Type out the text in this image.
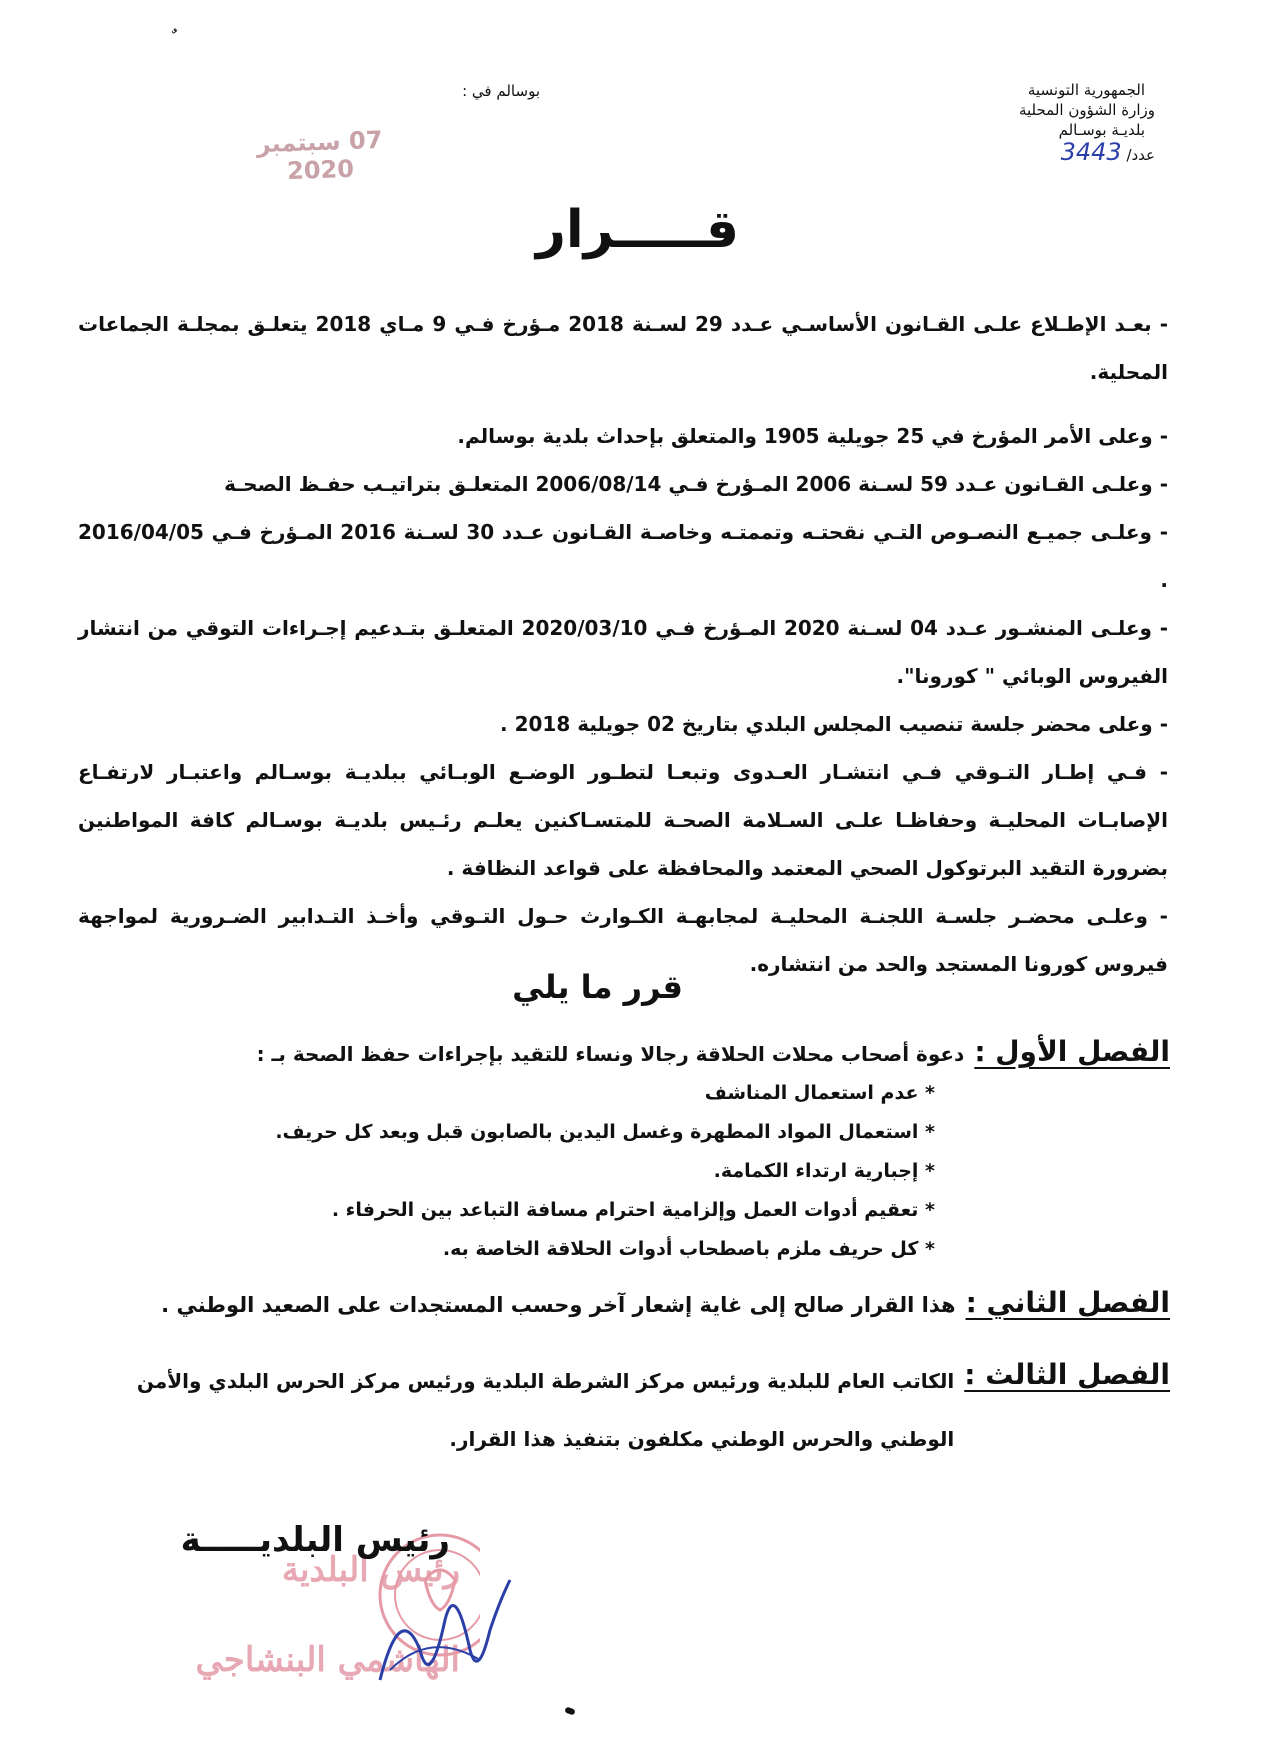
الجمهورية التونسية
وزارة الشؤون المحلية
بلديـة بوسـالم
عدد/ 3443
بوسالم في :
07 سبتمبر 2020
قـــــرار
- بعـد الإطـلاع علـى القـانون الأساسـي عـدد 29 لسـنة 2018 مـؤرخ فـي 9 مـاي 2018 يتعلـق بمجلـة الجماعات المحلية.
- وعلى الأمر المؤرخ في 25 جويلية 1905 والمتعلق بإحداث بلدية بوسالم.
- وعلـى القـانون عـدد 59 لسـنة 2006 المـؤرخ فـي 2006/08/14 المتعلـق بتراتيـب حفـظ الصحـة
- وعلـى جميـع النصـوص التـي نقحتـه وتممتـه وخاصـة القـانون عـدد 30 لسـنة 2016 المـؤرخ فـي 2016/04/05 .
- وعلـى المنشـور عـدد 04 لسـنة 2020 المـؤرخ فـي 2020/03/10 المتعلـق بتـدعيم إجـراءات التوقي من انتشار الفيروس الوبائي " كورونا".
- وعلى محضر جلسة تنصيب المجلس البلدي بتاريخ 02 جويلية 2018 .
- فـي إطـار التـوقي فـي انتشـار العـدوى وتبعـا لتطـور الوضـع الوبـائي ببلديـة بوسـالم واعتبـار لارتفـاع الإصابـات المحليـة وحفاظـا علـى السـلامة الصحـة للمتسـاكنين يعلـم رئـيس بلديـة بوسـالم كافة المواطنين بضرورة التقيد البرتوكول الصحي المعتمد والمحافظة على قواعد النظافة .
- وعلـى محضـر جلسـة اللجنـة المحليـة لمجابهـة الكـوارث حـول التـوقي وأخـذ التـدابير الضـرورية لمواجهة فيروس كورونا المستجد والحد من انتشاره.
قرر ما يلي
الفصل الأول :
دعوة أصحاب محلات الحلاقة رجالا ونساء للتقيد بإجراءات حفظ الصحة بـ :
* عدم استعمال المناشف
* استعمال المواد المطهرة وغسل اليدين بالصابون قبل وبعد كل حريف.
* إجبارية ارتداء الكمامة.
* تعقيم أدوات العمل وإلزامية احترام مسافة التباعد بين الحرفاء .
* كل حريف ملزم باصطحاب أدوات الحلاقة الخاصة به.
الفصل الثاني :
هذا القرار صالح إلى غاية إشعار آخر وحسب المستجدات على الصعيد الوطني .
الفصل الثالث :
الكاتب العام للبلدية ورئيس مركز الشرطة البلدية ورئيس مركز الحرس البلدي والأمن الوطني والحرس الوطني مكلفون بتنفيذ هذا القرار.
رئيس البلدية
الهاشمي البنشاجي
رئيس البلديـــــة
